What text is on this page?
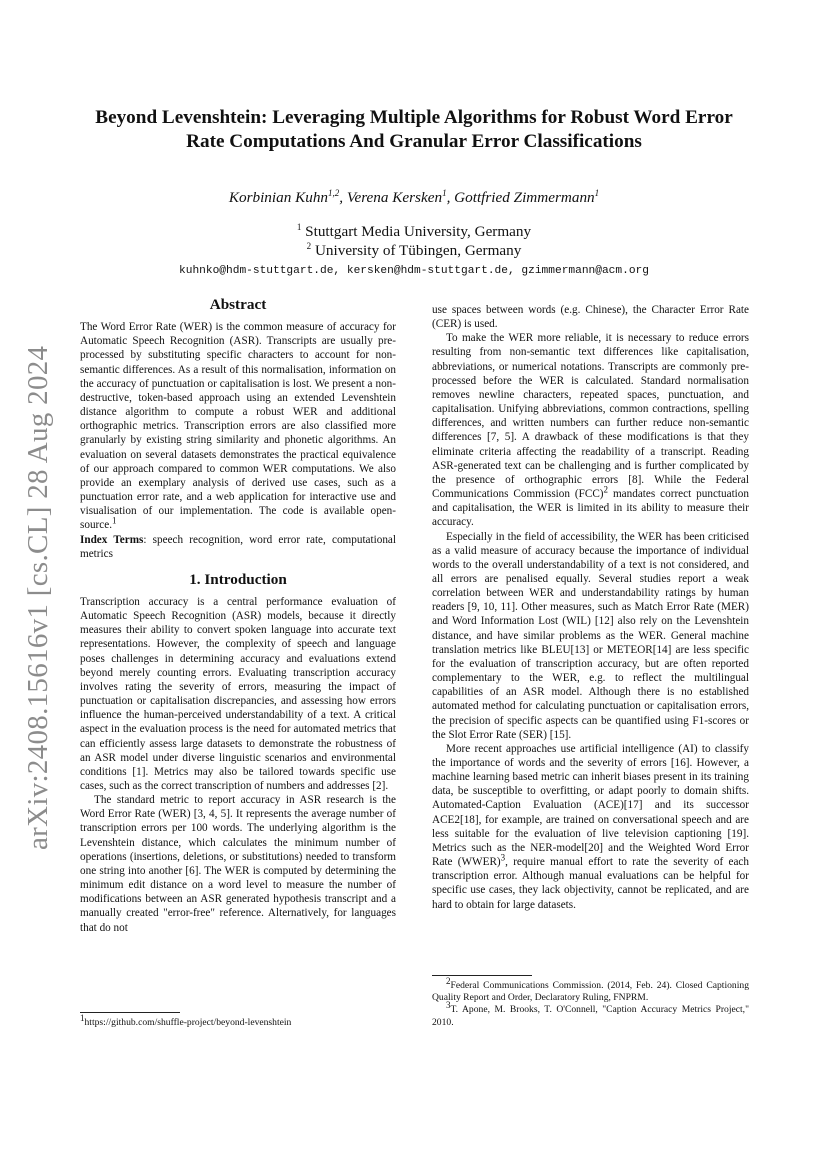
arXiv:2408.15616v1 [cs.CL] 28 Aug 2024
Beyond Levenshtein: Leveraging Multiple Algorithms for Robust Word Error Rate Computations And Granular Error Classifications
Korbinian Kuhn$^{1,2}$, Verena Kersken$^1$, Gottfried Zimmermann$^1$
$^1$ Stuttgart Media University, Germany
$^2$ University of Tübingen, Germany
kuhnko@hdm-stuttgart.de, kersken@hdm-stuttgart.de, gzimmermann@acm.org
Abstract

The Word Error Rate (WER) is the common measure of accuracy for Automatic Speech Recognition (ASR). Transcripts are usually pre-processed by substituting specific characters to account for non-semantic differences. As a result of this normalisation, information on the accuracy of punctuation or capitalisation is lost. We present a non-destructive, token-based approach using an extended Levenshtein distance algorithm to compute a robust WER and additional orthographic metrics. Transcription errors are also classified more granularly by existing string similarity and phonetic algorithms. An evaluation on several datasets demonstrates the practical equivalence of our approach compared to common WER computations. We also provide an exemplary analysis of derived use cases, such as a punctuation error rate, and a web application for interactive use and visualisation of our implementation. The code is available open-source.$^1$

Index Terms: speech recognition, word error rate, computational metrics

1. Introduction

Transcription accuracy is a central performance evaluation of Automatic Speech Recognition (ASR) models, because it directly measures their ability to convert spoken language into accurate text representations. However, the complexity of speech and language poses challenges in determining accuracy and evaluations extend beyond merely counting errors. Evaluating transcription accuracy involves rating the severity of errors, measuring the impact of punctuation or capitalisation discrepancies, and assessing how errors influence the human-perceived understandability of a text. A critical aspect in the evaluation process is the need for automated metrics that can efficiently assess large datasets to demonstrate the robustness of an ASR model under diverse linguistic scenarios and environmental conditions [1]. Metrics may also be tailored towards specific use cases, such as the correct transcription of numbers and addresses [2].

The standard metric to report accuracy in ASR research is the Word Error Rate (WER) [3, 4, 5]. It represents the average number of transcription errors per 100 words. The underlying algorithm is the Levenshtein distance, which calculates the minimum number of operations (insertions, deletions, or substitutions) needed to transform one string into another [6]. The WER is computed by determining the minimum edit distance on a word level to measure the number of modifications between an ASR generated hypothesis transcript and a manually created "error-free" reference. Alternatively, for languages that do not

use spaces between words (e.g. Chinese), the Character Error Rate (CER) is used.

To make the WER more reliable, it is necessary to reduce errors resulting from non-semantic text differences like capitalisation, abbreviations, or numerical notations. Transcripts are commonly pre-processed before the WER is calculated. Standard normalisation removes newline characters, repeated spaces, punctuation, and capitalisation. Unifying abbreviations, common contractions, spelling differences, and written numbers can further reduce non-semantic differences [7, 5]. A drawback of these modifications is that they eliminate criteria affecting the readability of a transcript. Reading ASR-generated text can be challenging and is further complicated by the presence of orthographic errors [8]. While the Federal Communications Commission (FCC)$^2$ mandates correct punctuation and capitalisation, the WER is limited in its ability to measure their accuracy.

Especially in the field of accessibility, the WER has been criticised as a valid measure of accuracy because the importance of individual words to the overall understandability of a text is not considered, and all errors are penalised equally. Several studies report a weak correlation between WER and understandability ratings by human readers [9, 10, 11]. Other measures, such as Match Error Rate (MER) and Word Information Lost (WIL) [12] also rely on the Levenshtein distance, and have similar problems as the WER. General machine translation metrics like BLEU[13] or METEOR[14] are less specific for the evaluation of transcription accuracy, but are often reported complementary to the WER, e.g. to reflect the multilingual capabilities of an ASR model. Although there is no established automated method for calculating punctuation or capitalisation errors, the precision of specific aspects can be quantified using F1-scores or the Slot Error Rate (SER) [15].

More recent approaches use artificial intelligence (AI) to classify the importance of words and the severity of errors [16]. However, a machine learning based metric can inherit biases present in its training data, be susceptible to overfitting, or adapt poorly to domain shifts. Automated-Caption Evaluation (ACE)[17] and its successor ACE2[18], for example, are trained on conversational speech and are less suitable for the evaluation of live television captioning [19]. Metrics such as the NER-model[20] and the Weighted Word Error Rate (WWER)$^3$, require manual effort to rate the severity of each transcription error. Although manual evaluations can be helpful for specific use cases, they lack objectivity, cannot be replicated, and are hard to obtain for large datasets.

$^1$https://github.com/shuffle-project/beyond-levenshtein
$^2$Federal Communications Commission. (2014, Feb. 24). Closed Captioning Quality Report and Order, Declaratory Ruling, FNPRM.
$^3$T. Apone, M. Brooks, T. O'Connell, "Caption Accuracy Metrics Project," 2010.
